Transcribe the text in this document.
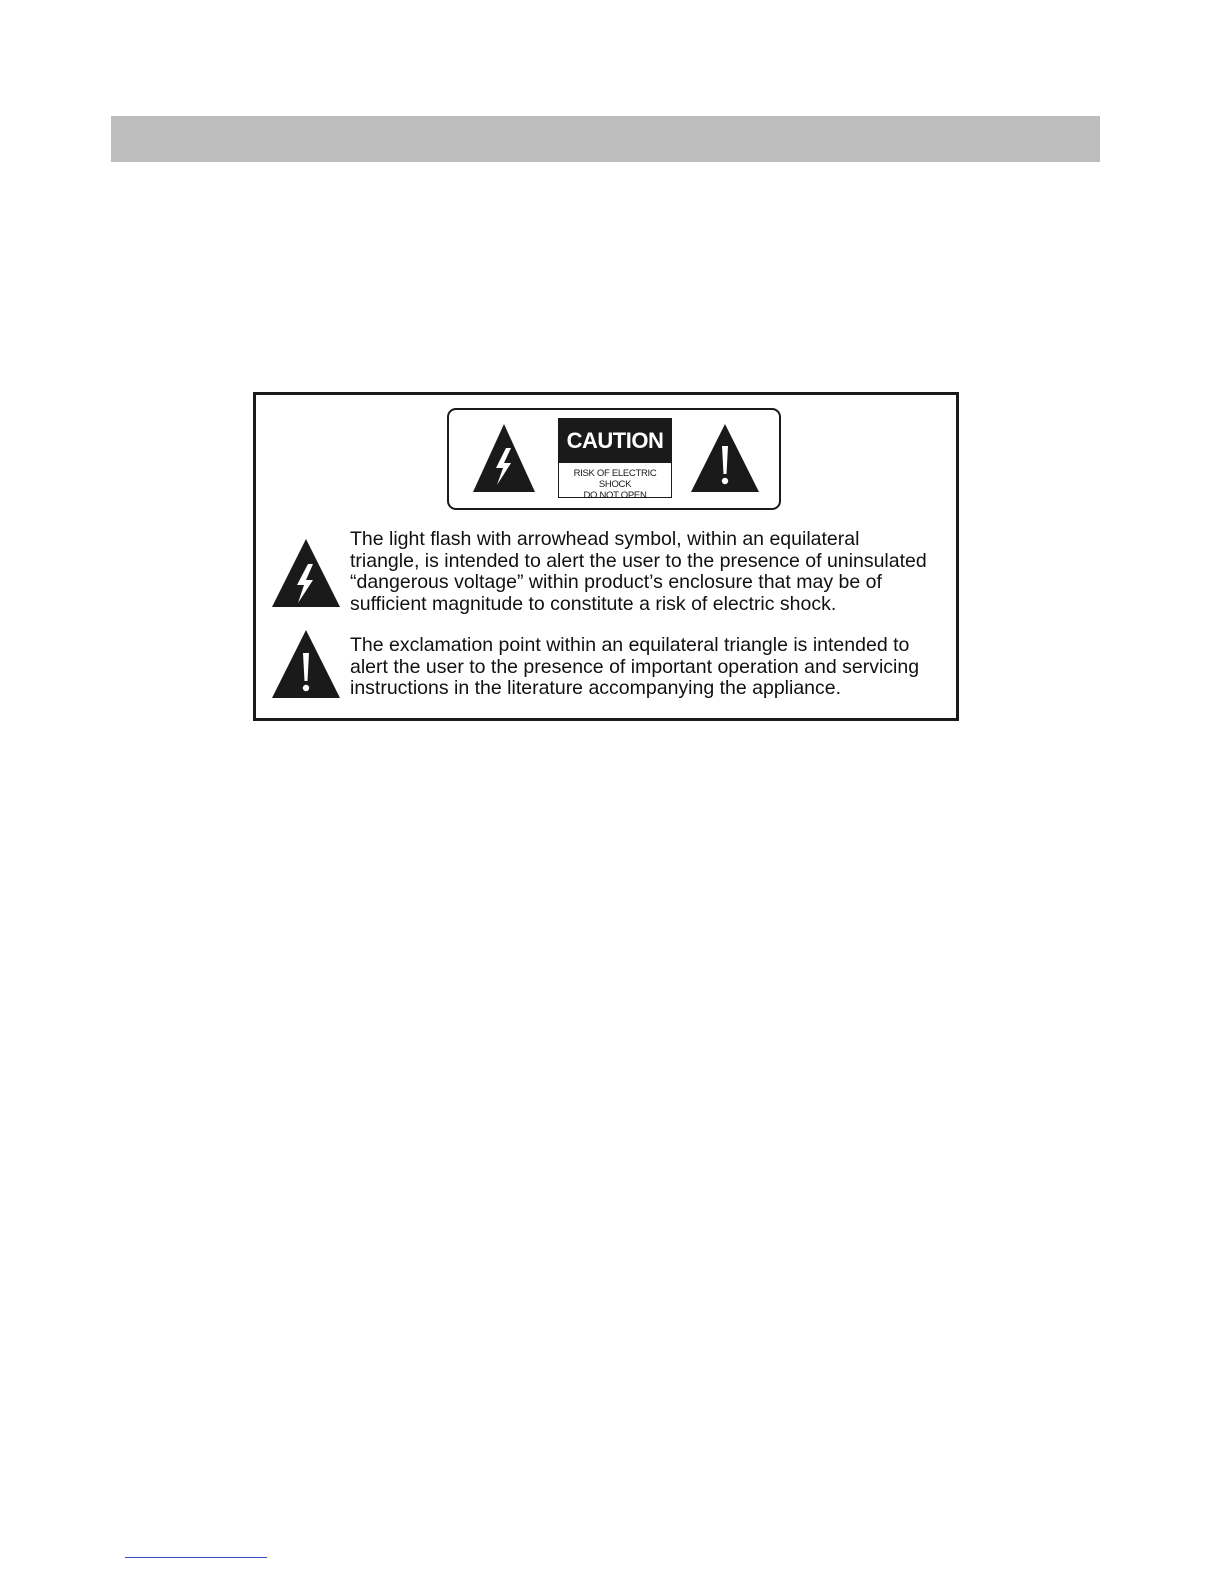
CAUTION
RISK OF ELECTRIC SHOCK
DO NOT OPEN
The light flash with arrowhead symbol, within an equilateral
triangle, is intended to alert the user to the presence of uninsulated
“dangerous voltage” within product’s enclosure that may be of
sufficient magnitude to constitute a risk of electric shock.
The exclamation point within an equilateral triangle is intended to
alert the user to the presence of important operation and servicing
instructions in the literature accompanying the appliance.
